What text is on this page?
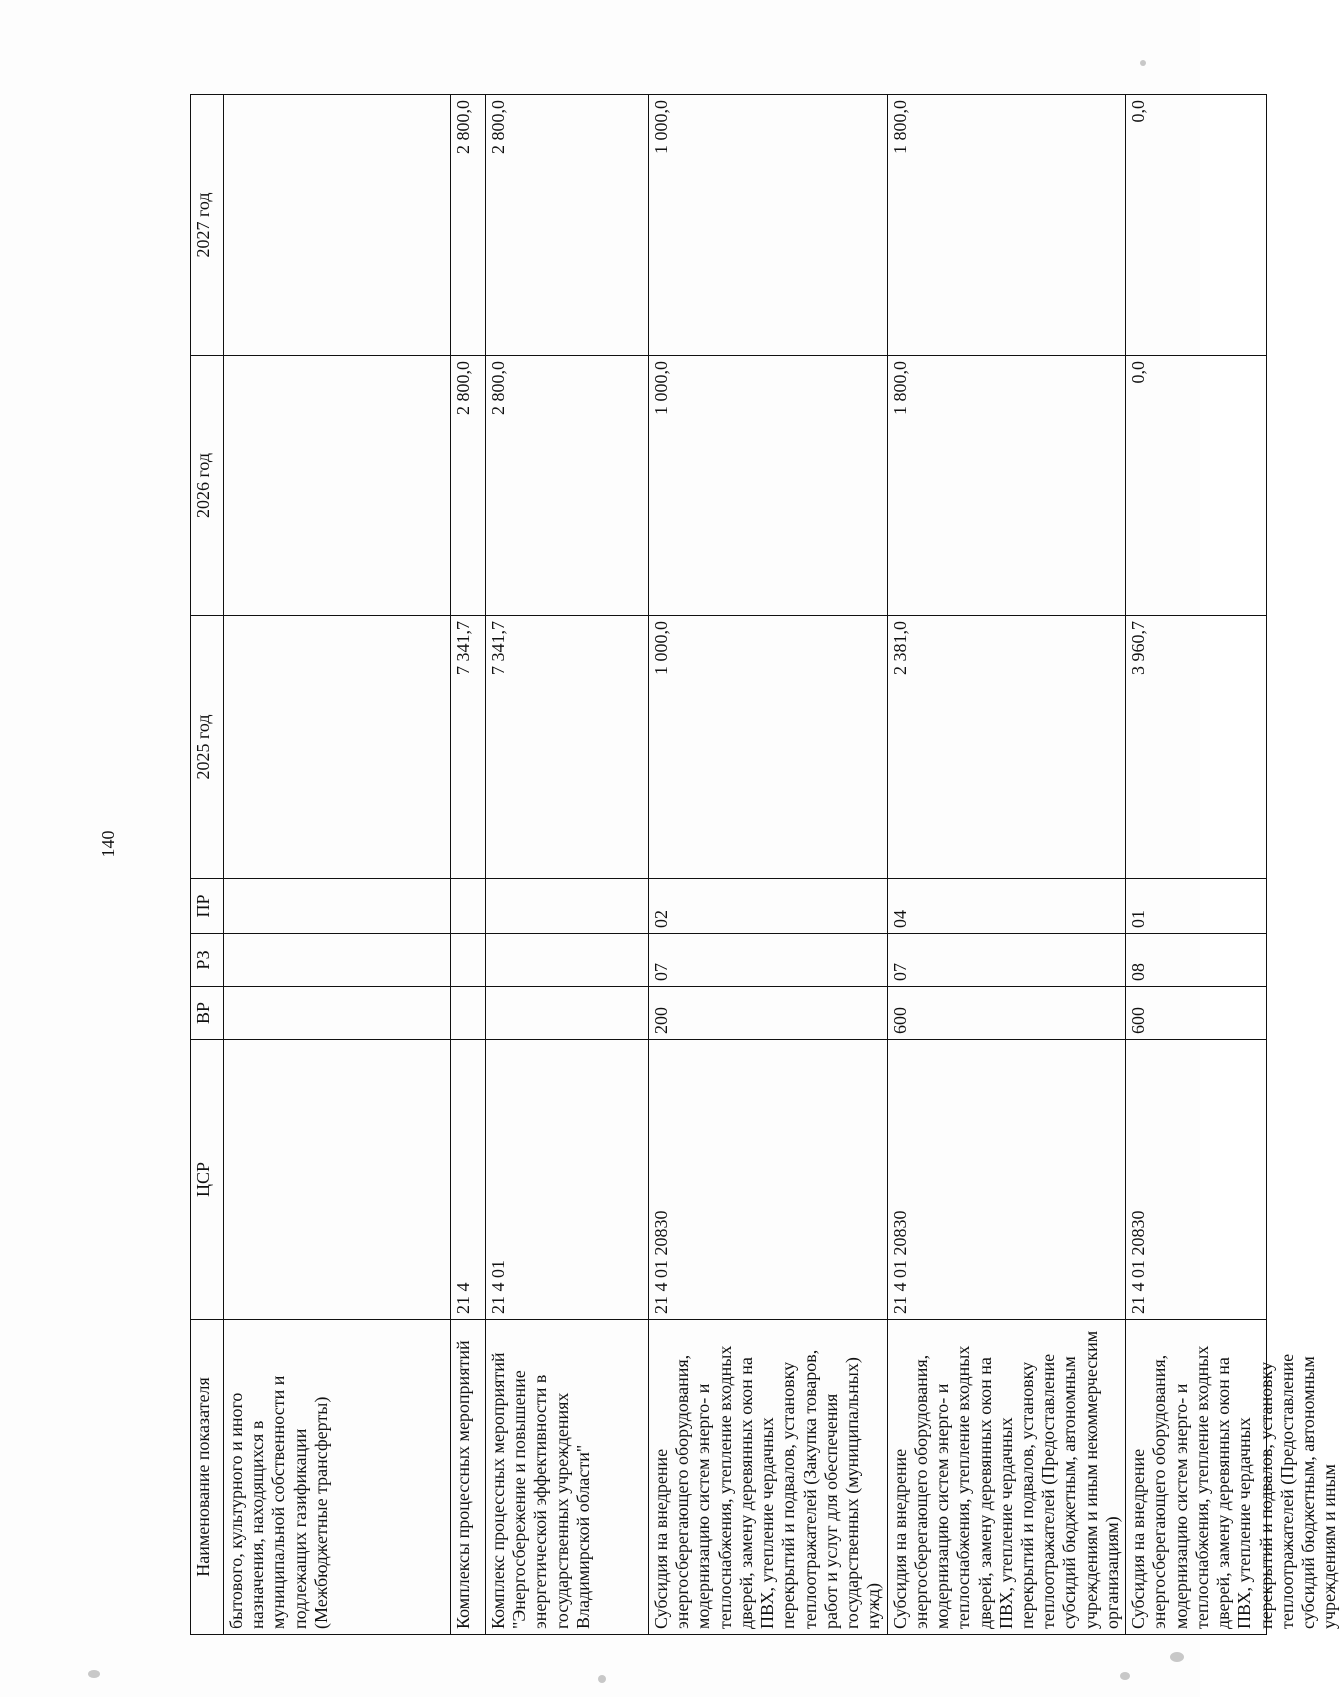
140
Наименование показателя	ЦСР	ВР	РЗ	ПР	2025 год	2026 год	2027 год
бытового, культурного и иного назначения, находящихся в муниципальной собственности и подлежащих газификации (Межбюджетные трансферты)							
Комплексы процессных мероприятий	21 4				7 341,7	2 800,0	2 800,0
Комплекс процессных мероприятий "Энергосбережение и повышение энергетической эффективности в государственных учреждениях Владимирской области"	21 4 01				7 341,7	2 800,0	2 800,0
Субсидия на внедрение энергосберегающего оборудования, модернизацию систем энерго- и теплоснабжения, утепление входных дверей, замену деревянных окон на ПВХ, утепление чердачных перекрытий и подвалов, установку теплоотражателей (Закупка товаров, работ и услуг для обеспечения государственных (муниципальных) нужд)	21 4 01 20830	200	07	02	1 000,0	1 000,0	1 000,0
Субсидия на внедрение энергосберегающего оборудования, модернизацию систем энерго- и теплоснабжения, утепление входных дверей, замену деревянных окон на ПВХ, утепление чердачных перекрытий и подвалов, установку теплоотражателей (Предоставление субсидий бюджетным, автономным учреждениям и иным некоммерческим организациям)	21 4 01 20830	600	07	04	2 381,0	1 800,0	1 800,0

Субсидия на внедрение энергосберегающего оборудования, модернизацию систем энерго- и теплоснабжения, утепление входных дверей, замену деревянных окон на ПВХ, утепление чердачных перекрытий и подвалов, установку теплоотражателей (Предоставление субсидий бюджетным, автономным учреждениям и иным	21 4 01 20830	600	08	01	3 960,7	0,0	0,0
